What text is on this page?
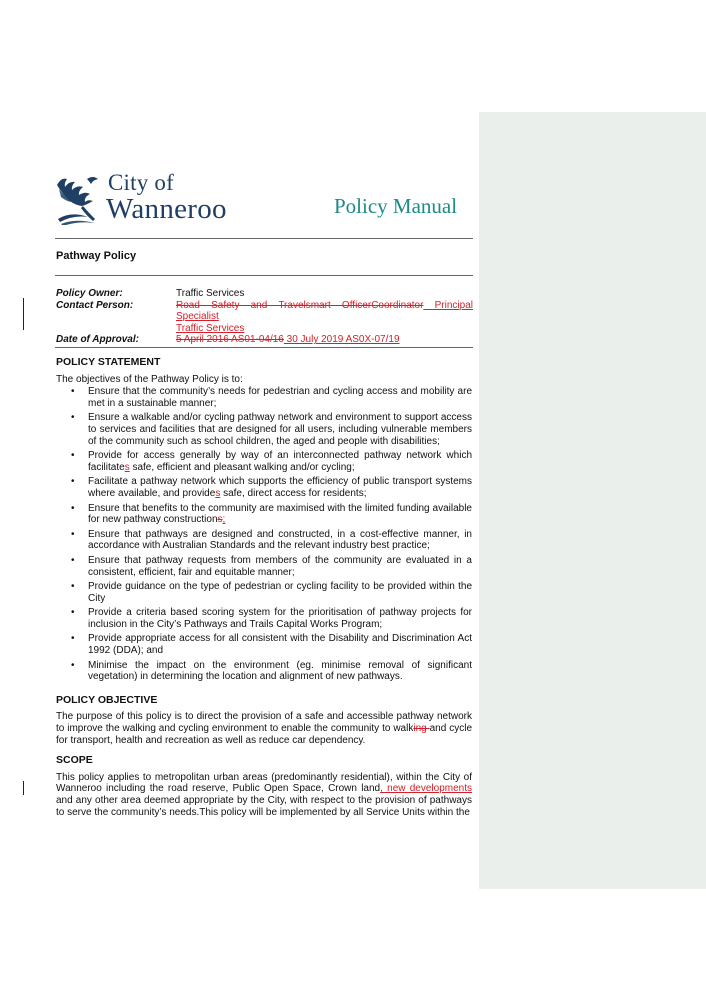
City of
Wanneroo	Policy Manual
Pathway Policy
Policy Owner:	Traffic Services
Contact Person:	Road Safety and Travelsmart OfficerCoordinator Principal Specialist
Traffic Services
Date of Approval:	5 April 2016 AS01-04/16 30 July 2019 AS0X-07/19
POLICY STATEMENT

The objectives of the Pathway Policy is to:

• Ensure that the community’s needs for pedestrian and cycling access and mobility are met in a sustainable manner;
• Ensure a walkable and/or cycling pathway network and environment to support access to services and facilities that are designed for all users, including vulnerable members of the community such as school children, the aged and people with disabilities;
• Provide for access generally by way of an interconnected pathway network which facilitates safe, efficient and pleasant walking and/or cycling;
• Facilitate a pathway network which supports the efficiency of public transport systems where available, and provides safe, direct access for residents;
• Ensure that benefits to the community are maximised with the limited funding available for new pathway constructions;
• Ensure that pathways are designed and constructed, in a cost-effective manner, in accordance with Australian Standards and the relevant industry best practice;
• Ensure that pathway requests from members of the community are evaluated in a consistent, efficient, fair and equitable manner;
• Provide guidance on the type of pedestrian or cycling facility to be provided within the City
• Provide a criteria based scoring system for the prioritisation of pathway projects for inclusion in the City’s Pathways and Trails Capital Works Program;
• Provide appropriate access for all consistent with the Disability and Discrimination Act 1992 (DDA); and
• Minimise the impact on the environment (eg. minimise removal of significant vegetation) in determining the location and alignment of new pathways.
POLICY OBJECTIVE

The purpose of this policy is to direct the provision of a safe and accessible pathway network to improve the walking and cycling environment to enable the community to walking and cycle for transport, health and recreation as well as reduce car dependency.

SCOPE

This policy applies to metropolitan urban areas (predominantly residential), within the City of Wanneroo including the road reserve, Public Open Space, Crown land, new developments and any other area deemed appropriate by the City, with respect to the provision of pathways to serve the community’s needs.This policy will be implemented by all Service Units within the
